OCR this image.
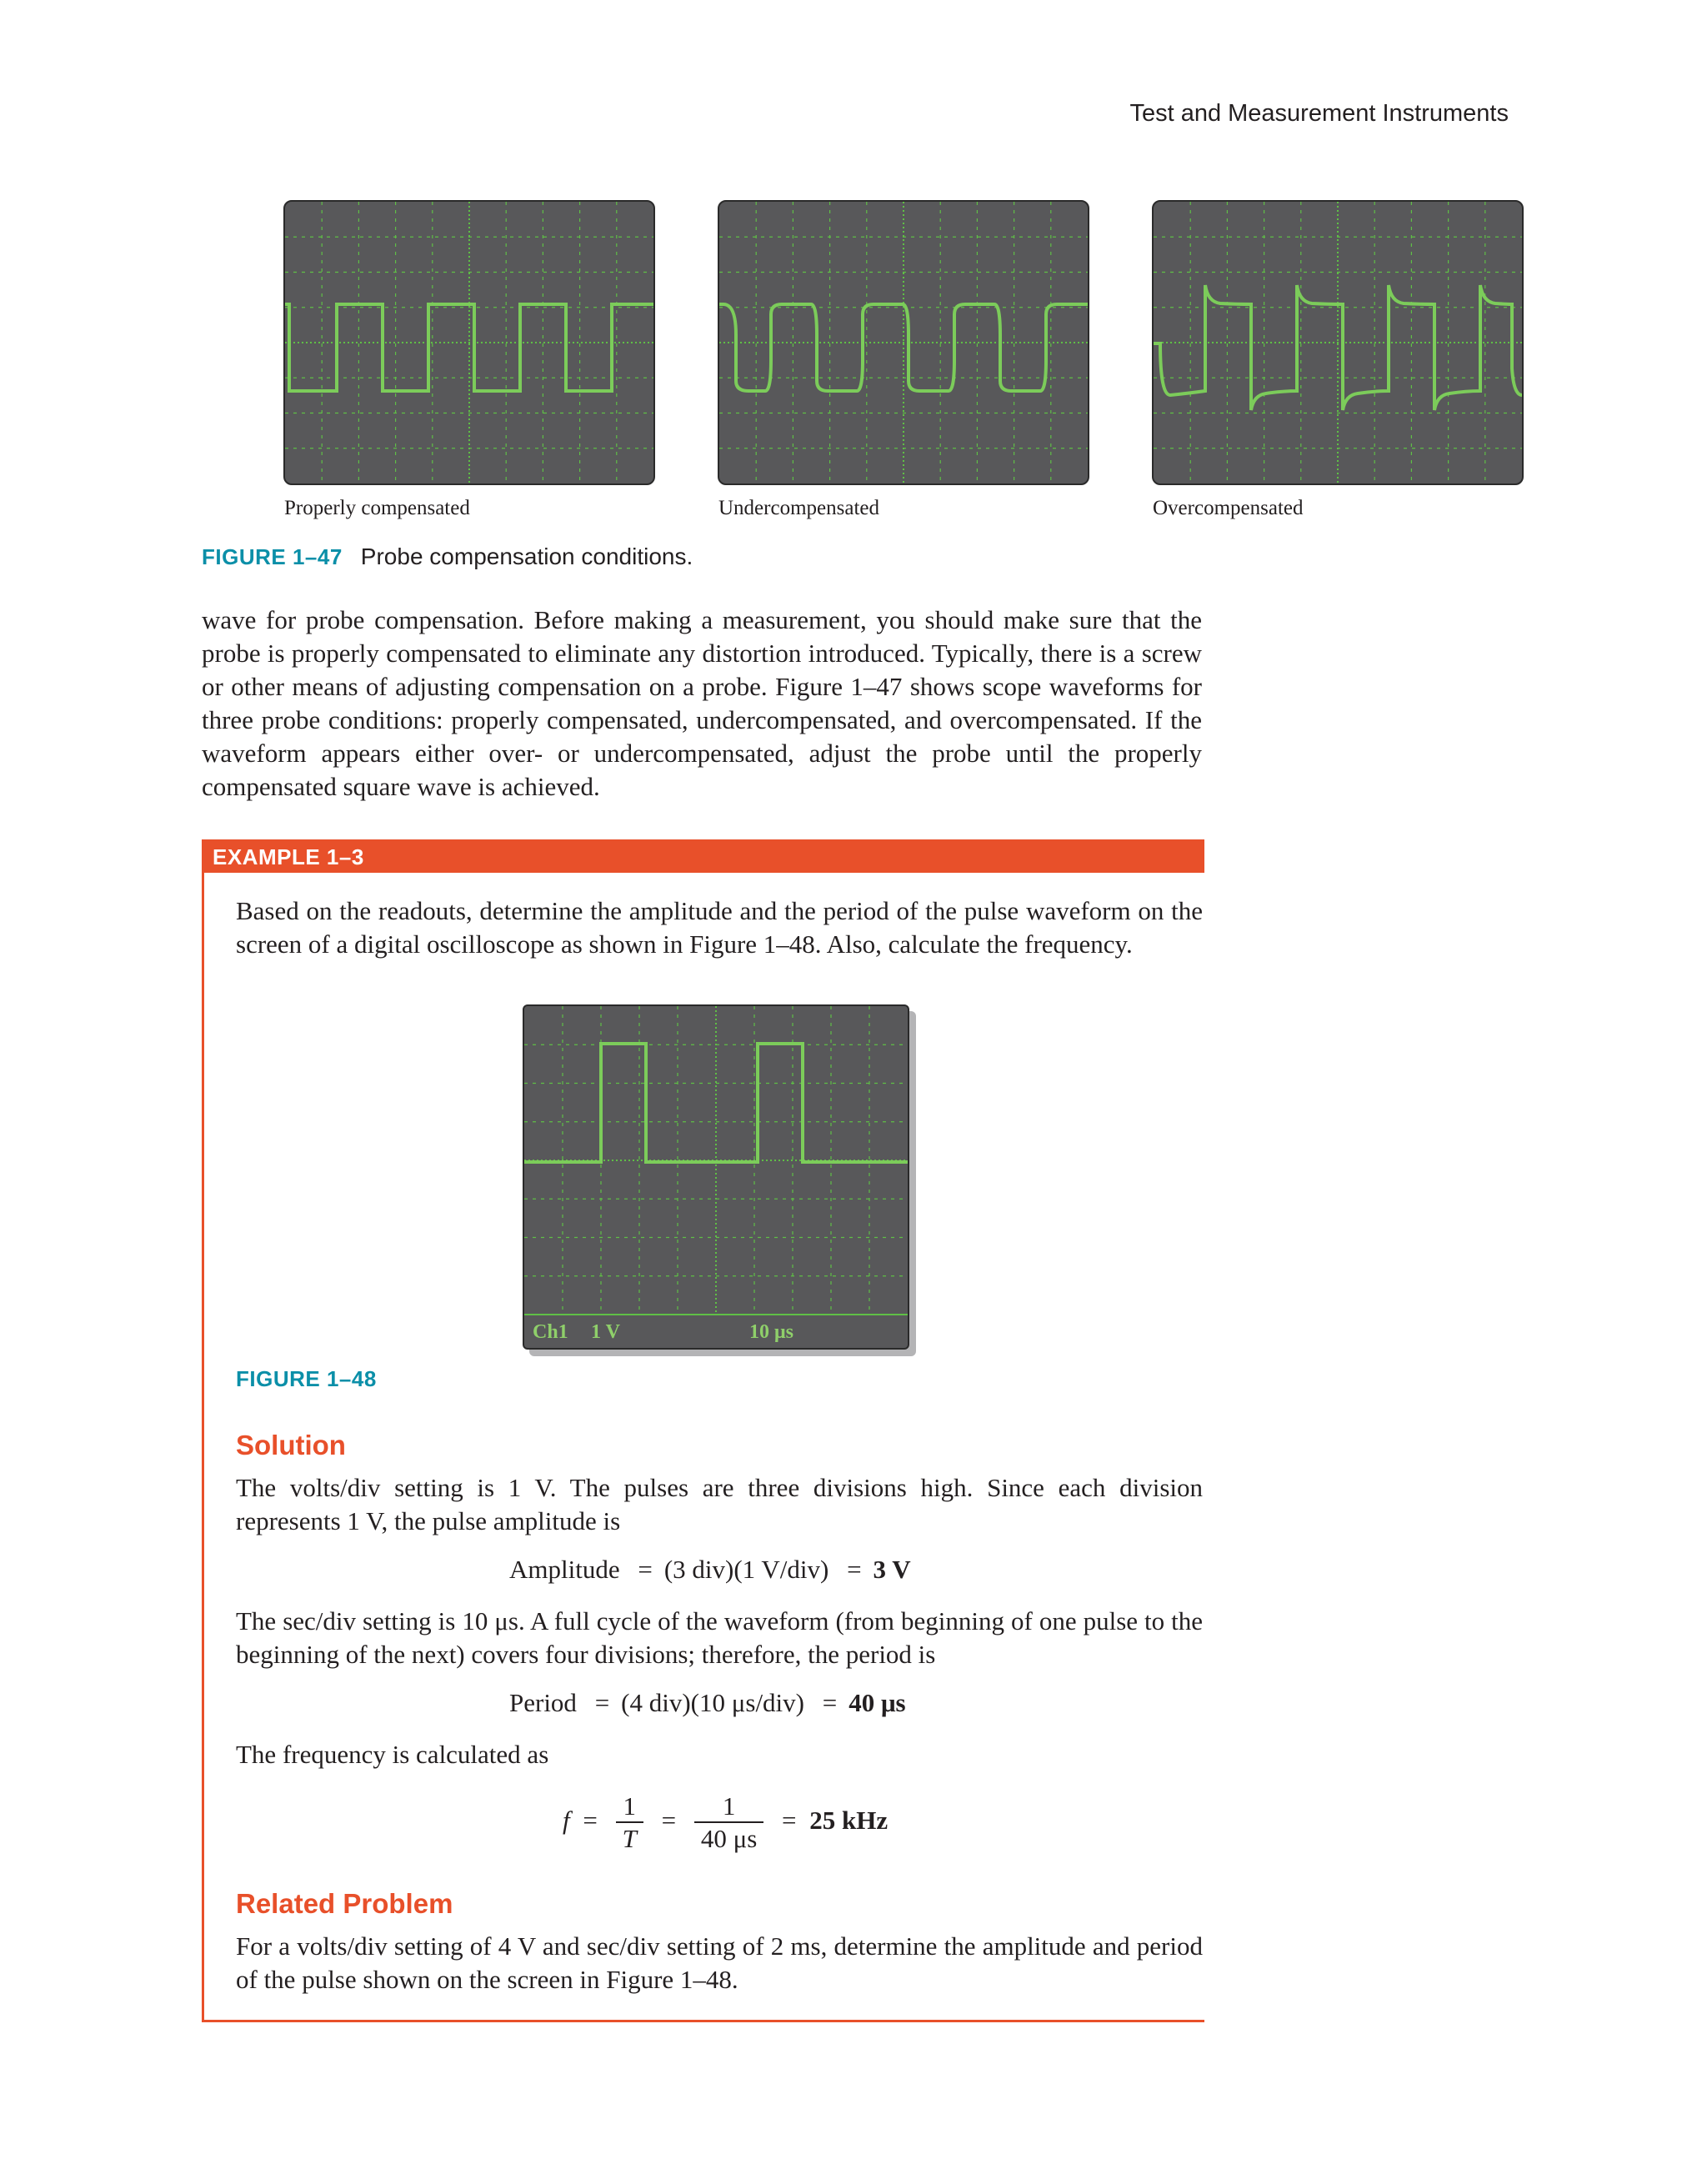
Test and Measurement Instruments
Properly compensated	Undercompensated	Overcompensated
FIGURE 1–47 Probe compensation conditions.

wave for probe compensation. Before making a measurement, you should make sure that the probe is properly compensated to eliminate any distortion introduced. Typically, there is a screw or other means of adjusting compensation on a probe. Figure 1–47 shows scope waveforms for three probe conditions: properly compensated, undercompensated, and overcompensated. If the waveform appears either over- or undercompensated, adjust the probe until the properly compensated square wave is achieved.

EXAMPLE 1–3

Based on the readouts, determine the amplitude and the period of the pulse waveform on the screen of a digital oscilloscope as shown in Figure 1–48. Also, calculate the frequency.

Ch1 1 V	10 μs
FIGURE 1–48
Solution

The volts/div setting is 1 V. The pulses are three divisions high. Since each division represents 1 V, the pulse amplitude is

Amplitude = (3 div)(1 V/div) = 3 V

The sec/div setting is 10 μs. A full cycle of the waveform (from beginning of one pulse to the beginning of the next) covers four divisions; therefore, the period is

Period = (4 div)(10 μs/div) = 40 μs

The frequency is calculated as

$f = \frac{1}{T} = \frac{1}{40 \mu s} = 25$ kHz
Related Problem

For a volts/div setting of 4 V and sec/div setting of 2 ms, determine the amplitude and period of the pulse shown on the screen in Figure 1–48.
